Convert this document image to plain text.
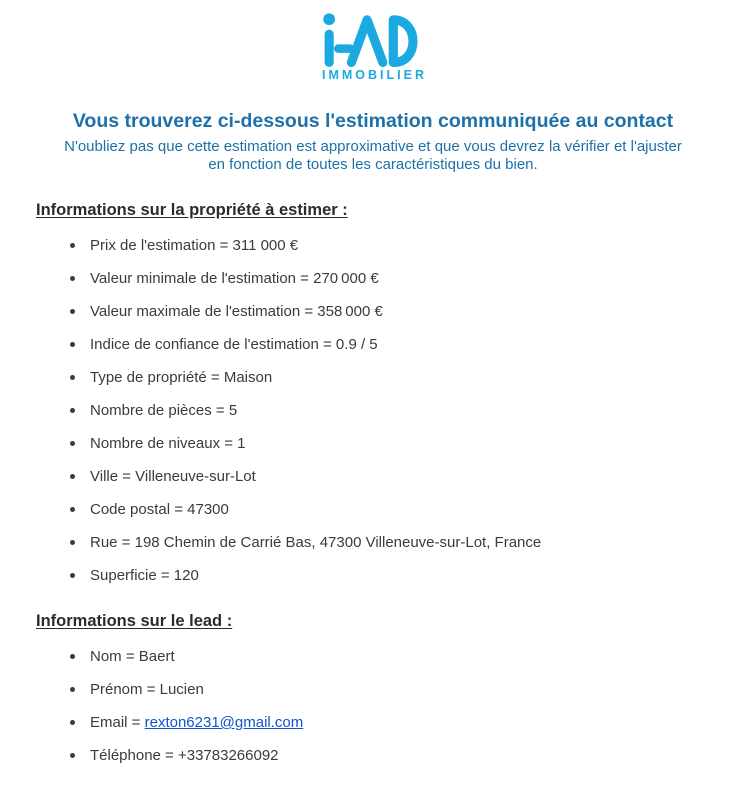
IMMOBILIER
Vous trouverez ci-dessous l'estimation communiquée au contact

N'oubliez pas que cette estimation est approximative et que vous devrez la vérifier et l'ajuster en fonction de toutes les caractéristiques du bien.

Informations sur la propriété à estimer :
Prix de l'estimation = 311 000 €
Valeur minimale de l'estimation = 270 000 €
Valeur maximale de l'estimation = 358 000 €
Indice de confiance de l'estimation = 0.9 / 5
Type de propriété = Maison
Nombre de pièces = 5
Nombre de niveaux = 1
Ville = Villeneuve-sur-Lot
Code postal = 47300
Rue = 198 Chemin de Carrié Bas, 47300 Villeneuve-sur-Lot, France
Superficie = 120
Informations sur le lead :
Nom = Baert
Prénom = Lucien
Email = rexton6231@gmail.com
Téléphone = +33783266092
